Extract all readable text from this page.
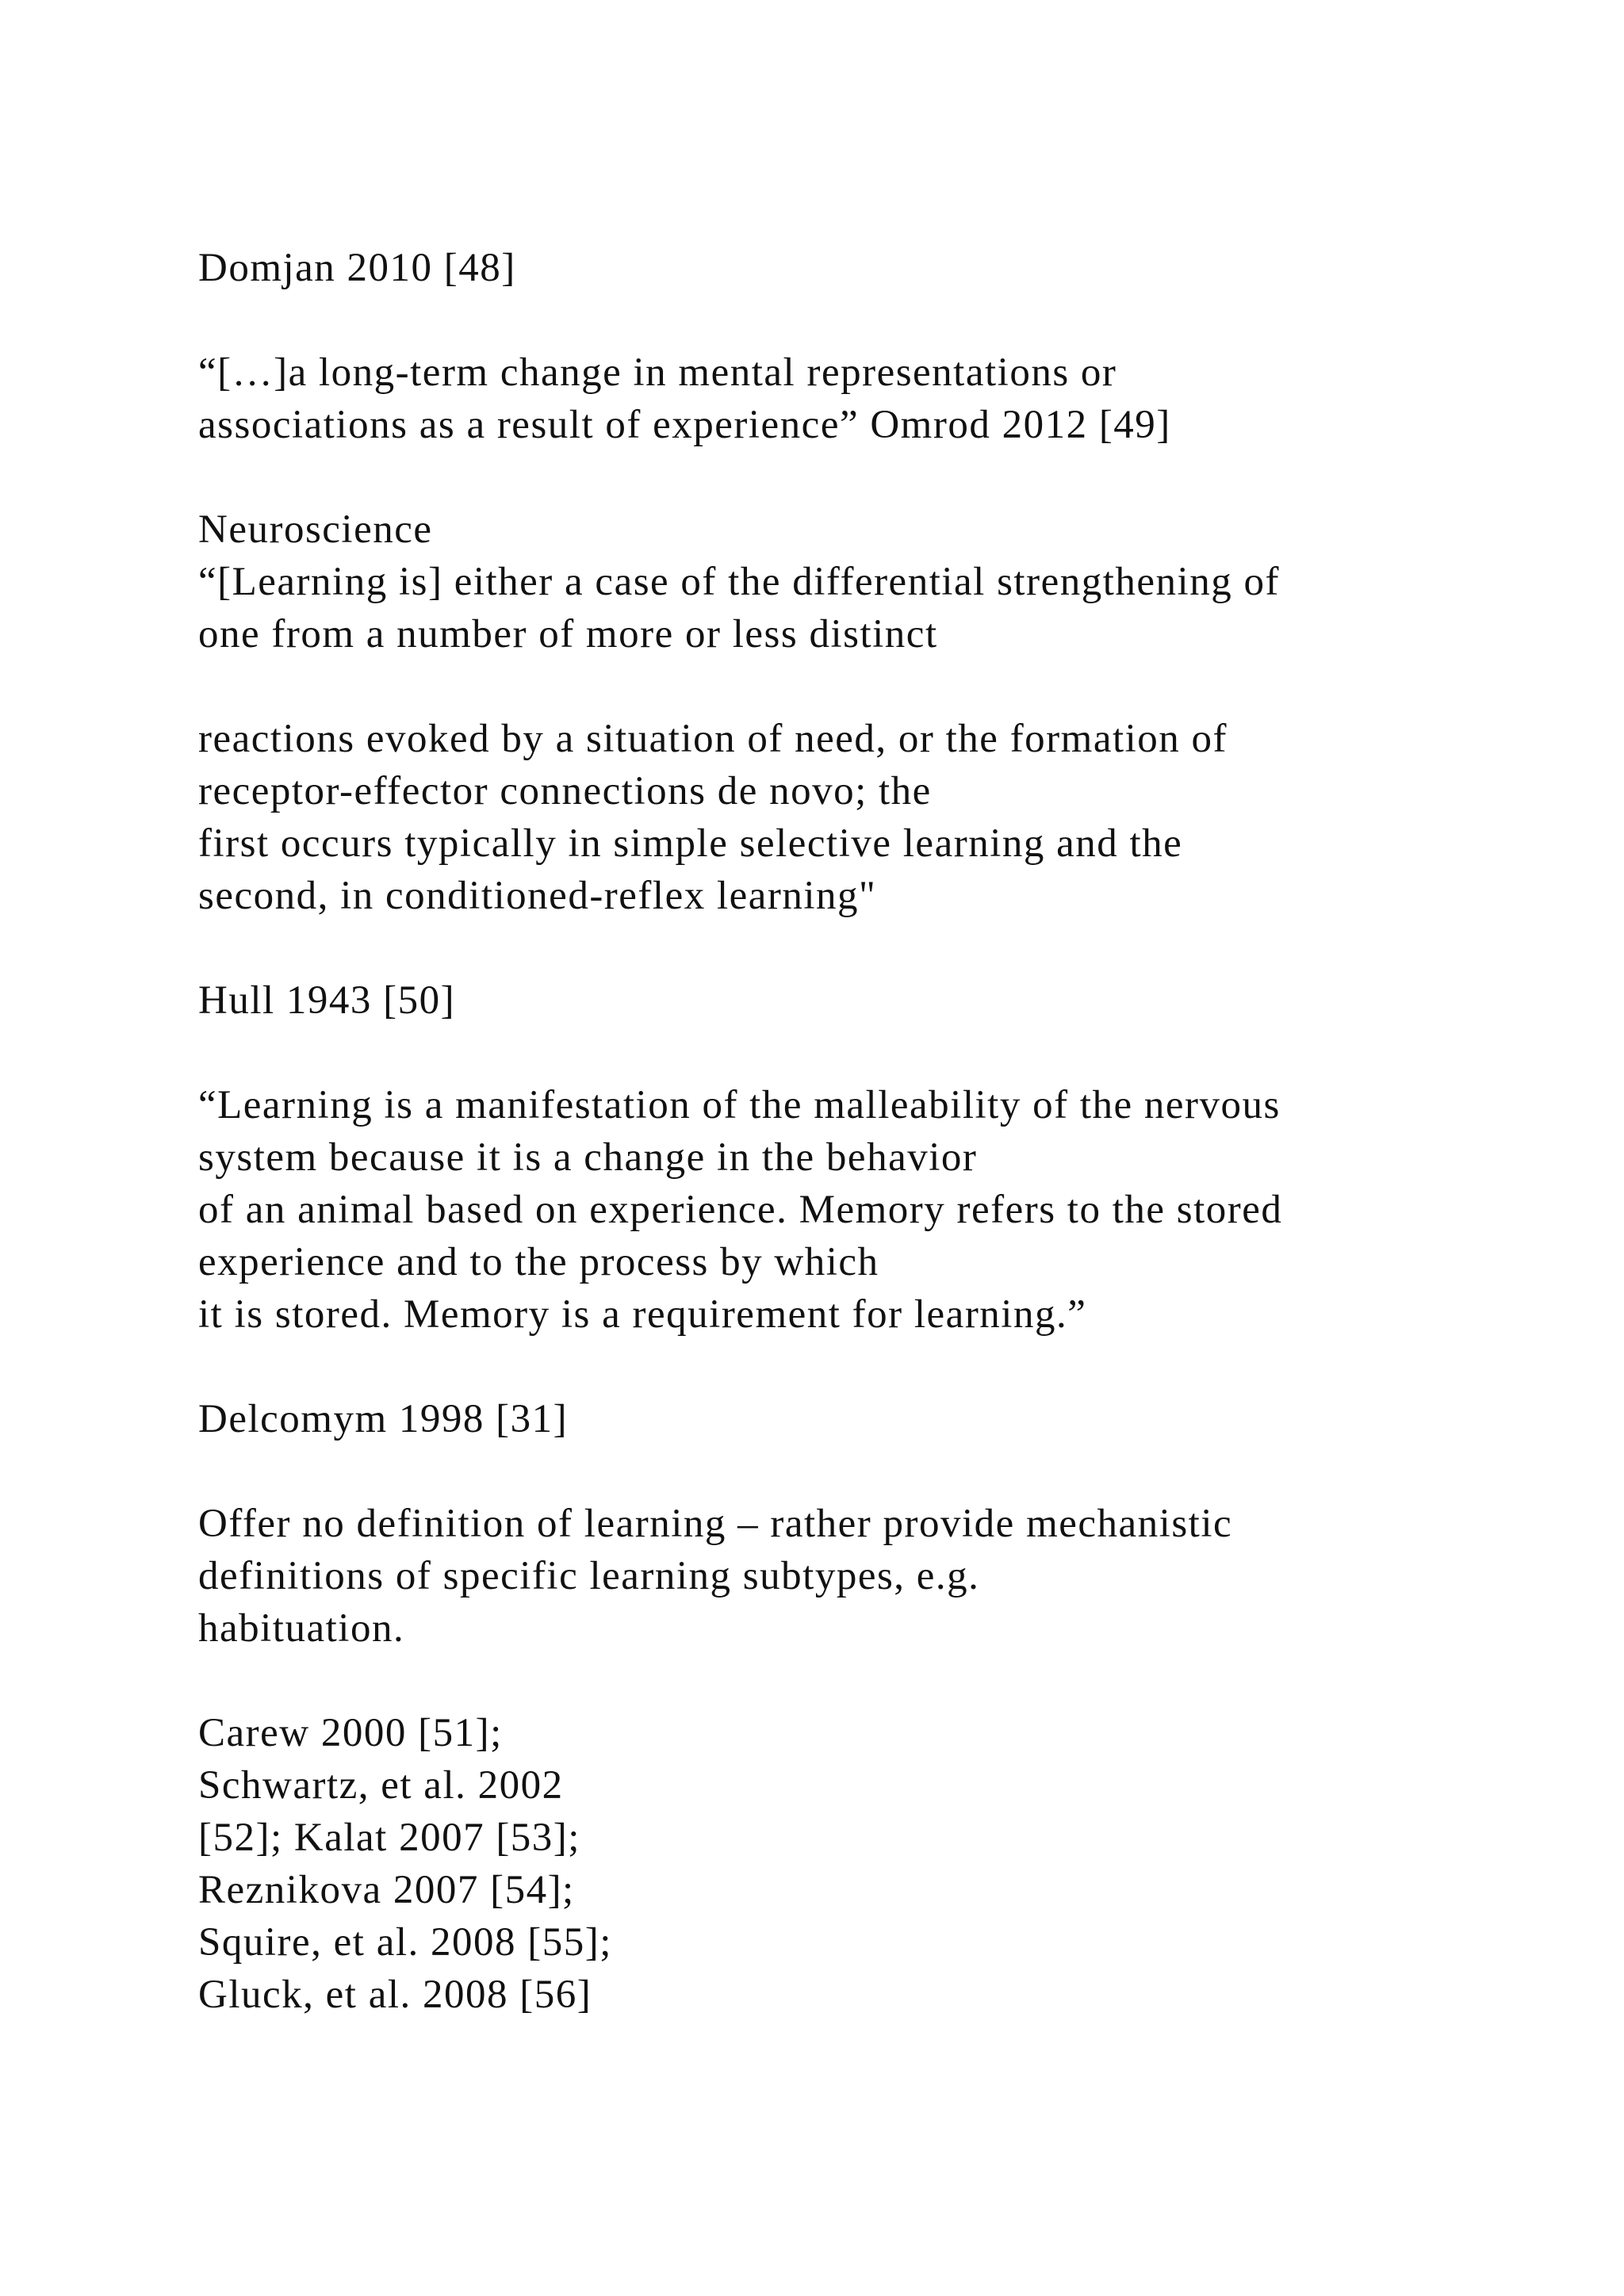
Domjan 2010 [48]
“[…]a long-term change in mental representations or
associations as a result of experience” Omrod 2012 [49]
Neuroscience
“[Learning is] either a case of the differential strengthening of
one from a number of more or less distinct
reactions evoked by a situation of need, or the formation of
receptor-effector connections de novo; the
first occurs typically in simple selective learning and the
second, in conditioned-reflex learning"
Hull 1943 [50]
“Learning is a manifestation of the malleability of the nervous
system because it is a change in the behavior
of an animal based on experience. Memory refers to the stored
experience and to the process by which
it is stored. Memory is a requirement for learning.”
Delcomym 1998 [31]
Offer no definition of learning – rather provide mechanistic
definitions of specific learning subtypes, e.g.
habituation.
Carew 2000 [51];
Schwartz, et al. 2002
[52]; Kalat 2007 [53];
Reznikova 2007 [54];
Squire, et al. 2008 [55];
Gluck, et al. 2008 [56]
